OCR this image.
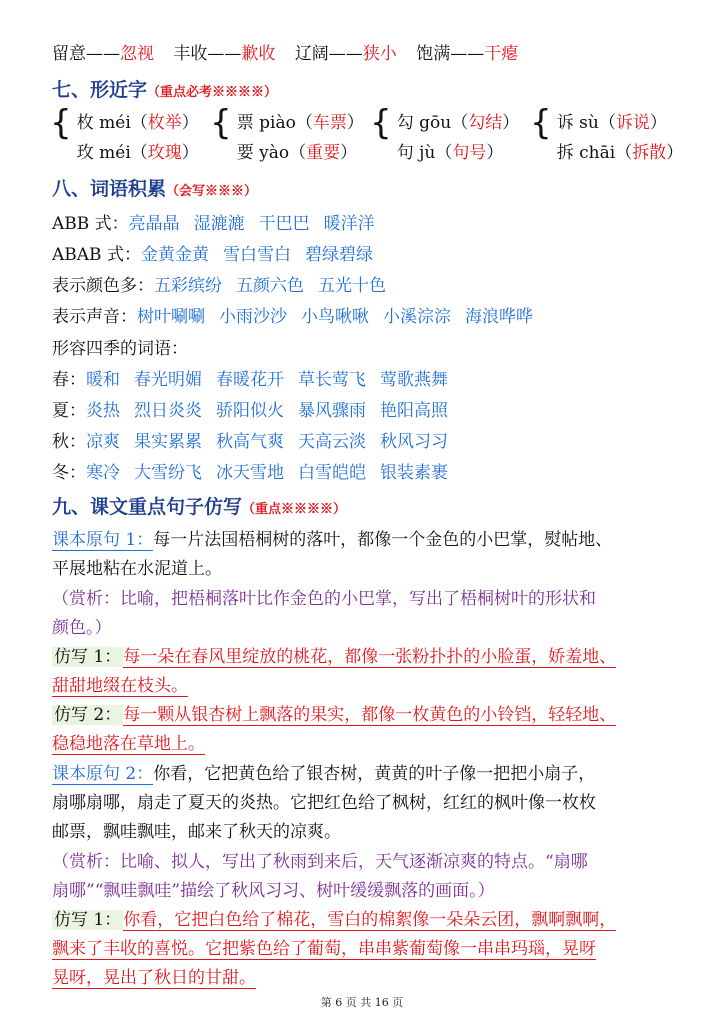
留意——忽视 丰收——歉收 辽阔——狭小 饱满——干瘪
七、形近字（重点必考※※※※）
{ 枚 méi（枚举）
玫 méi（玫瑰）
{ 票 piào（车票）
要 yào（重要）
{ 勾 gōu（勾结）
句 jù（句号）
{ 诉 sù（诉说）
拆 chāi（拆散）
八、词语积累（会写※※※）
ABB 式：亮晶晶 湿漉漉 干巴巴 暖洋洋
ABAB 式：金黄金黄 雪白雪白 碧绿碧绿
表示颜色多：五彩缤纷 五颜六色 五光十色
表示声音：树叶唰唰 小雨沙沙 小鸟啾啾 小溪淙淙 海浪哗哗
形容四季的词语：
春：暖和 春光明媚 春暖花开 草长莺飞 莺歌燕舞
夏：炎热 烈日炎炎 骄阳似火 暴风骤雨 艳阳高照
秋：凉爽 果实累累 秋高气爽 天高云淡 秋风习习
冬：寒冷 大雪纷飞 冰天雪地 白雪皑皑 银装素裹
九、课文重点句子仿写（重点※※※※）
课本原句 1：每一片法国梧桐树的落叶，都像一个金色的小巴掌，熨帖地、
平展地粘在水泥道上。
（赏析：比喻，把梧桐落叶比作金色的小巴掌，写出了梧桐树叶的形状和
颜色。）
仿写 1： 每一朵在春风里绽放的桃花，都像一张粉扑扑的小脸蛋，娇羞地、
甜甜地缀在枝头。
仿写 2： 每一颗从银杏树上飘落的果实，都像一枚黄色的小铃铛，轻轻地、
稳稳地落在草地上。
课本原句 2：你看，它把黄色给了银杏树，黄黄的叶子像一把把小扇子，
扇哪扇哪，扇走了夏天的炎热。它把红色给了枫树，红红的枫叶像一枚枚
邮票，飘哇飘哇，邮来了秋天的凉爽。
（赏析：比喻、拟人，写出了秋雨到来后，天气逐渐凉爽的特点。“扇哪
扇哪”“飘哇飘哇”描绘了秋风习习、树叶缓缓飘落的画面。）
仿写 1： 你看，它把白色给了棉花，雪白的棉絮像一朵朵云团，飘啊飘啊，
飘来了丰收的喜悦。它把紫色给了葡萄，串串紫葡萄像一串串玛瑙，晃呀
晃呀，晃出了秋日的甘甜。
第 6 页 共 16 页
